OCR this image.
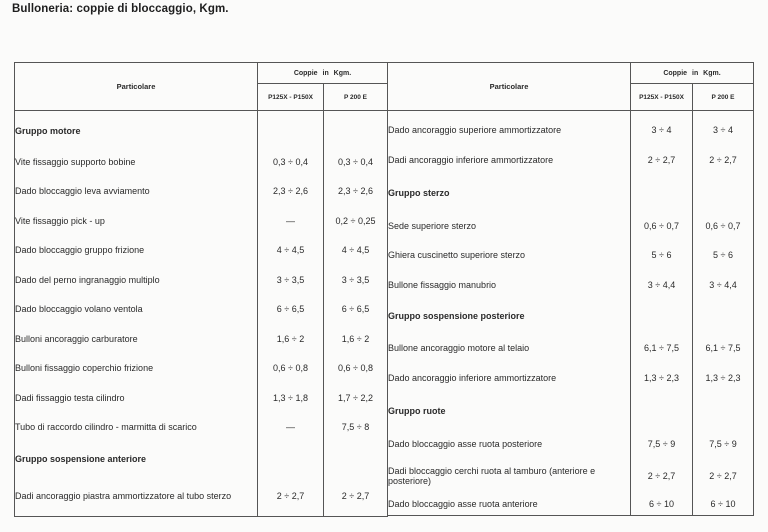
Bulloneria: coppie di bloccaggio, Kgm.
Particolare	Coppie in Kgm.	
	P125X - P150X	P 200 E

Gruppo motore		
Vite fissaggio supporto bobine	0,3 ÷ 0,4	0,3 ÷ 0,4
Dado bloccaggio leva avviamento	2,3 ÷ 2,6	2,3 ÷ 2,6
Vite fissaggio pick - up	—	0,2 ÷ 0,25
Dado bloccaggio gruppo frizione	4 ÷ 4,5	4 ÷ 4,5
Dado del perno ingranaggio multiplo	3 ÷ 3,5	3 ÷ 3,5
Dado bloccaggio volano ventola	6 ÷ 6,5	6 ÷ 6,5
Bulloni ancoraggio carburatore	1,6 ÷ 2	1,6 ÷ 2
Bulloni fissaggio coperchio frizione	0,6 ÷ 0,8	0,6 ÷ 0,8
Dadi fissaggio testa cilindro	1,3 ÷ 1,8	1,7 ÷ 2,2
Tubo di raccordo cilindro - marmitta di scarico	—	7,5 ÷ 8
Gruppo sospensione anteriore		
Dadi ancoraggio piastra ammortizzatore al tubo sterzo	2 ÷ 2,7	2 ÷ 2,7
Particolare	Coppie in Kgm.	
	P125X - P150X	P 200 E

Dado ancoraggio superiore ammortizzatore	3 ÷ 4	3 ÷ 4
Dadi ancoraggio inferiore ammortizzatore	2 ÷ 2,7	2 ÷ 2,7
Gruppo sterzo		
Sede superiore sterzo	0,6 ÷ 0,7	0,6 ÷ 0,7
Ghiera cuscinetto superiore sterzo	5 ÷ 6	5 ÷ 6
Bullone fissaggio manubrio	3 ÷ 4,4	3 ÷ 4,4
Gruppo sospensione posteriore		
Bullone ancoraggio motore al telaio	6,1 ÷ 7,5	6,1 ÷ 7,5
Dado ancoraggio inferiore ammortizzatore	1,3 ÷ 2,3	1,3 ÷ 2,3
Gruppo ruote		
Dado bloccaggio asse ruota posteriore	7,5 ÷ 9	7,5 ÷ 9
Dadi bloccaggio cerchi ruota al tamburo (anteriore e posteriore)	2 ÷ 2,7	2 ÷ 2,7
Dado bloccaggio asse ruota anteriore	6 ÷ 10	6 ÷ 10
